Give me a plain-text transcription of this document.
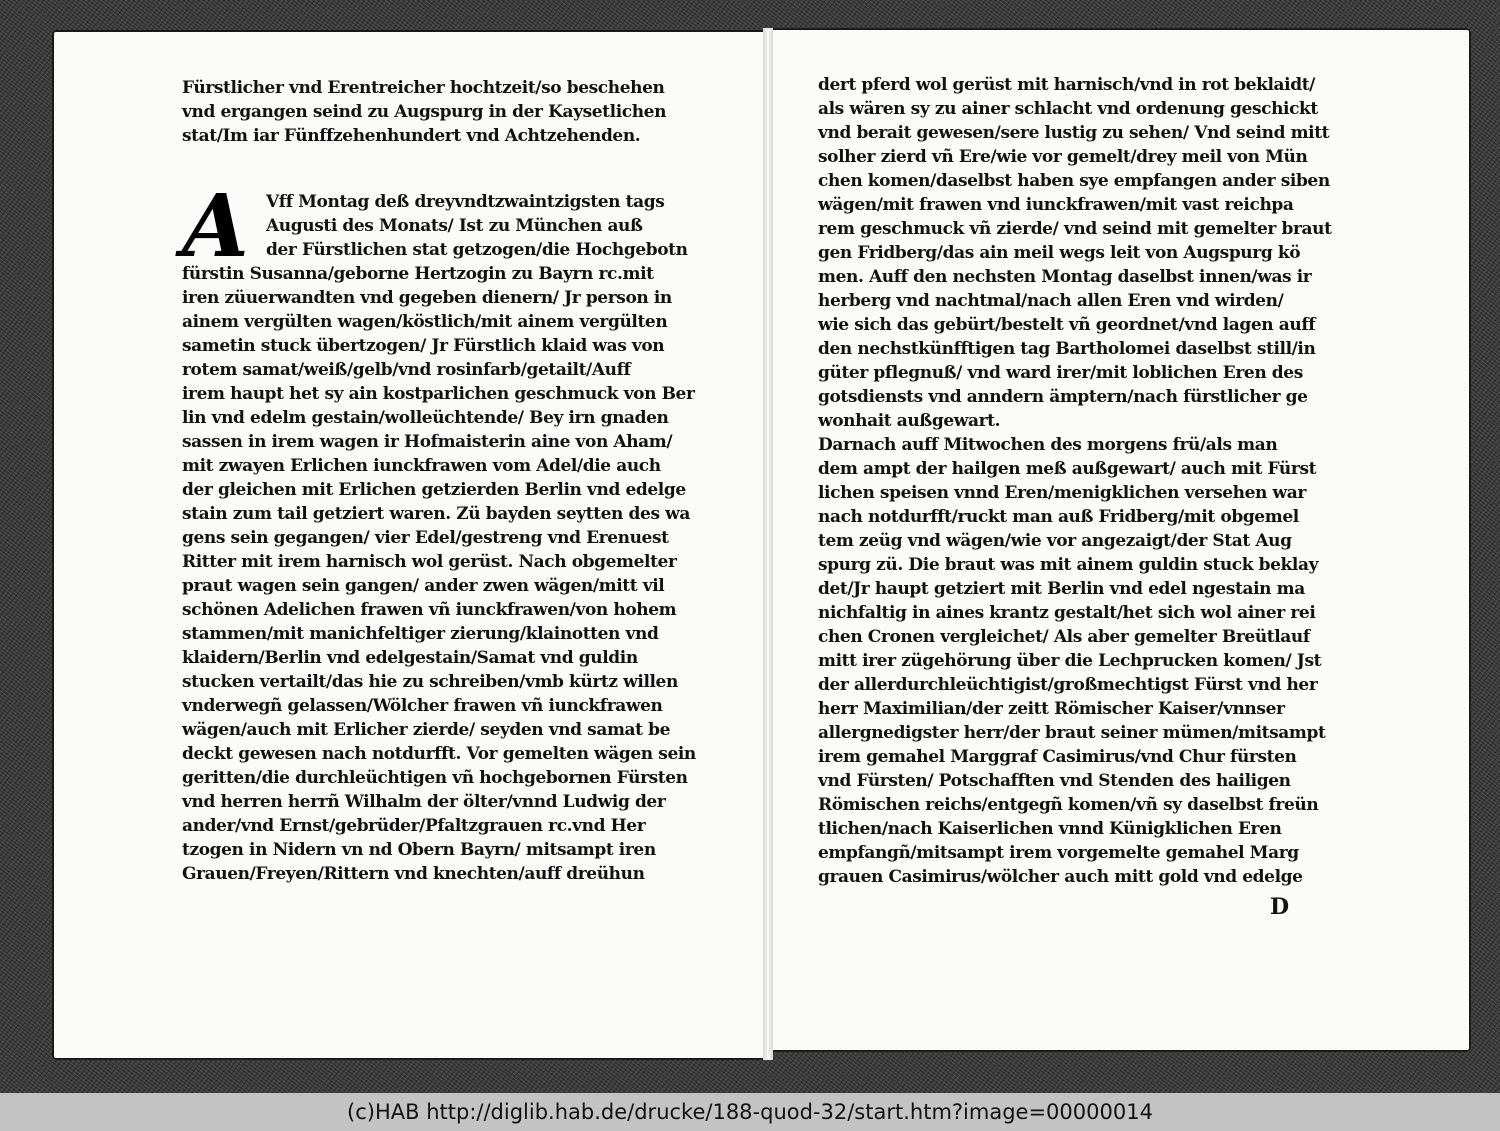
Fürstlicher vnd Erentreicher hochtzeit/so beschehen
vnd ergangen seind zu Augspurg in der Kaysetlichen
stat/Im iar Fünffzehenhundert vnd Achtzehenden.
A	Vff Montag deß dreyvndtzwaintzigsten tags
Augusti des Monats/ Ist zu München auß
der Fürstlichen stat getzogen/die Hochgebotn
fürstin Susanna/geborne Hertzogin zu Bayrn rc.mit
iren züuerwandten vnd gegeben dienern/ Jr person in
ainem vergülten wagen/köstlich/mit ainem vergülten
sametin stuck übertzogen/ Jr Fürstlich klaid was von
rotem samat/weiß/gelb/vnd rosinfarb/getailt/Auff
irem haupt het sy ain kostparlichen geschmuck von Ber
lin vnd edelm gestain/wolleüchtende/ Bey irn gnaden
sassen in irem wagen ir Hofmaisterin aine von Aham/
mit zwayen Erlichen iunckfrawen vom Adel/die auch
der gleichen mit Erlichen getzierden Berlin vnd edelge
stain zum tail getziert waren. Zü bayden seytten des wa
gens sein gegangen/ vier Edel/gestreng vnd Erenuest
Ritter mit irem harnisch wol gerüst. Nach obgemelter
praut wagen sein gangen/ ander zwen wägen/mitt vil
schönen Adelichen frawen vñ iunckfrawen/von hohem
stammen/mit manichfeltiger zierung/klainotten vnd
klaidern/Berlin vnd edelgestain/Samat vnd guldin
stucken vertailt/das hie zu schreiben/vmb kürtz willen
vnderwegñ gelassen/Wölcher frawen vñ iunckfrawen
wägen/auch mit Erlicher zierde/ seyden vnd samat be
deckt gewesen nach notdurfft. Vor gemelten wägen sein
geritten/die durchleüchtigen vñ hochgebornen Fürsten
vnd herren herrñ Wilhalm der ölter/vnnd Ludwig der
ander/vnd Ernst/gebrüder/Pfaltzgrauen rc.vnd Her
tzogen in Nidern vn nd Obern Bayrn/ mitsampt iren
Grauen/Freyen/Rittern vnd knechten/auff dreühun
dert pferd wol gerüst mit harnisch/vnd in rot beklaidt/
als wären sy zu ainer schlacht vnd ordenung geschickt
vnd berait gewesen/sere lustig zu sehen/ Vnd seind mitt
solher zierd vñ Ere/wie vor gemelt/drey meil von Mün
chen komen/daselbst haben sye empfangen ander siben
wägen/mit frawen vnd iunckfrawen/mit vast reichpa
rem geschmuck vñ zierde/ vnd seind mit gemelter braut
gen Fridberg/das ain meil wegs leit von Augspurg kö
men. Auff den nechsten Montag daselbst innen/was ir
herberg vnd nachtmal/nach allen Eren vnd wirden/
wie sich das gebürt/bestelt vñ geordnet/vnd lagen auff
den nechstkünfftigen tag Bartholomei daselbst still/in
güter pflegnuß/ vnd ward irer/mit loblichen Eren des
gotsdiensts vnd anndern ämptern/nach fürstlicher ge
wonhait außgewart.
Darnach auff Mitwochen des morgens frü/als man
dem ampt der hailgen meß außgewart/ auch mit Fürst
lichen speisen vnnd Eren/menigklichen versehen war
nach notdurfft/ruckt man auß Fridberg/mit obgemel
tem zeüg vnd wägen/wie vor angezaigt/der Stat Aug
spurg zü. Die braut was mit ainem guldin stuck beklay
det/Jr haupt getziert mit Berlin vnd edel ngestain ma
nichfaltig in aines krantz gestalt/het sich wol ainer rei
chen Cronen vergleichet/ Als aber gemelter Breütlauf
mitt irer zügehörung über die Lechprucken komen/ Jst
der allerdurchleüchtigist/großmechtigst Fürst vnd her
herr Maximilian/der zeitt Römischer Kaiser/vnnser
allergnedigster herr/der braut seiner mümen/mitsampt
irem gemahel Marggraf Casimirus/vnd Chur fürsten
vnd Fürsten/ Potschafften vnd Stenden des hailigen
Römischen reichs/entgegñ komen/vñ sy daselbst freün
tlichen/nach Kaiserlichen vnnd Künigklichen Eren
empfangñ/mitsampt irem vorgemelte gemahel Marg
grauen Casimirus/wölcher auch mitt gold vnd edelge
D
(c)HAB http://diglib.hab.de/drucke/188-quod-32/start.htm?image=00000014
